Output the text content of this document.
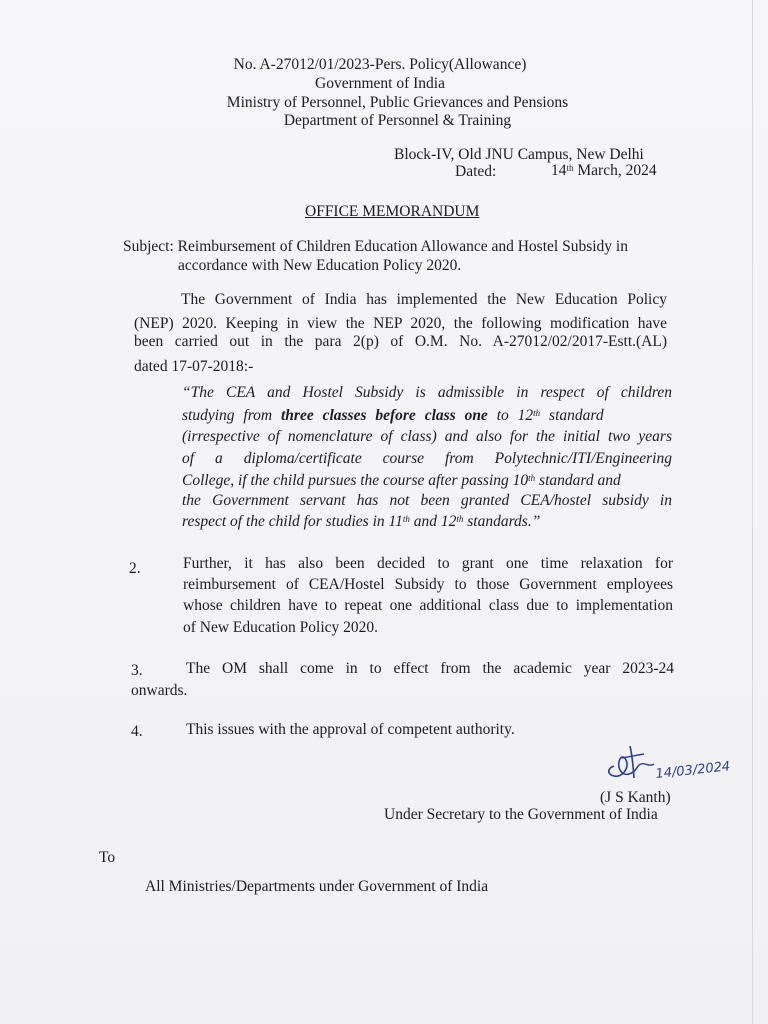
No. A-27012/01/2023-Pers. Policy(Allowance)
Government of India
Ministry of Personnel, Public Grievances and Pensions
Department of Personnel & Training
Block-IV, Old JNU Campus, New Delhi
Dated:	14th March, 2024
OFFICE MEMORANDUM
Subject: Reimbursement of Children Education Allowance and Hostel Subsidy in
accordance with New Education Policy 2020.
The Government of India has implemented the New Education Policy
(NEP) 2020. Keeping in view the NEP 2020, the following modification have
been carried out in the para 2(p) of O.M. No. A-27012/02/2017-Estt.(AL)
dated 17-07-2018:-
“The CEA and Hostel Subsidy is admissible in respect of children
studying from three classes before class one to 12th standard
(irrespective of nomenclature of class) and also for the initial two years
of a diploma/certificate course from Polytechnic/ITI/Engineering
College, if the child pursues the course after passing 10th standard and
the Government servant has not been granted CEA/hostel subsidy in
respect of the child for studies in 11th and 12th standards.”
2.	Further, it has also been decided to grant one time relaxation for
reimbursement of CEA/Hostel Subsidy to those Government employees
whose children have to repeat one additional class due to implementation
of New Education Policy 2020.
3.	The OM shall come in to effect from the academic year 2023-24
onwards.
4.	This issues with the approval of competent authority.
14/03/2024
(J S Kanth)
Under Secretary to the Government of India
To
All Ministries/Departments under Government of India
